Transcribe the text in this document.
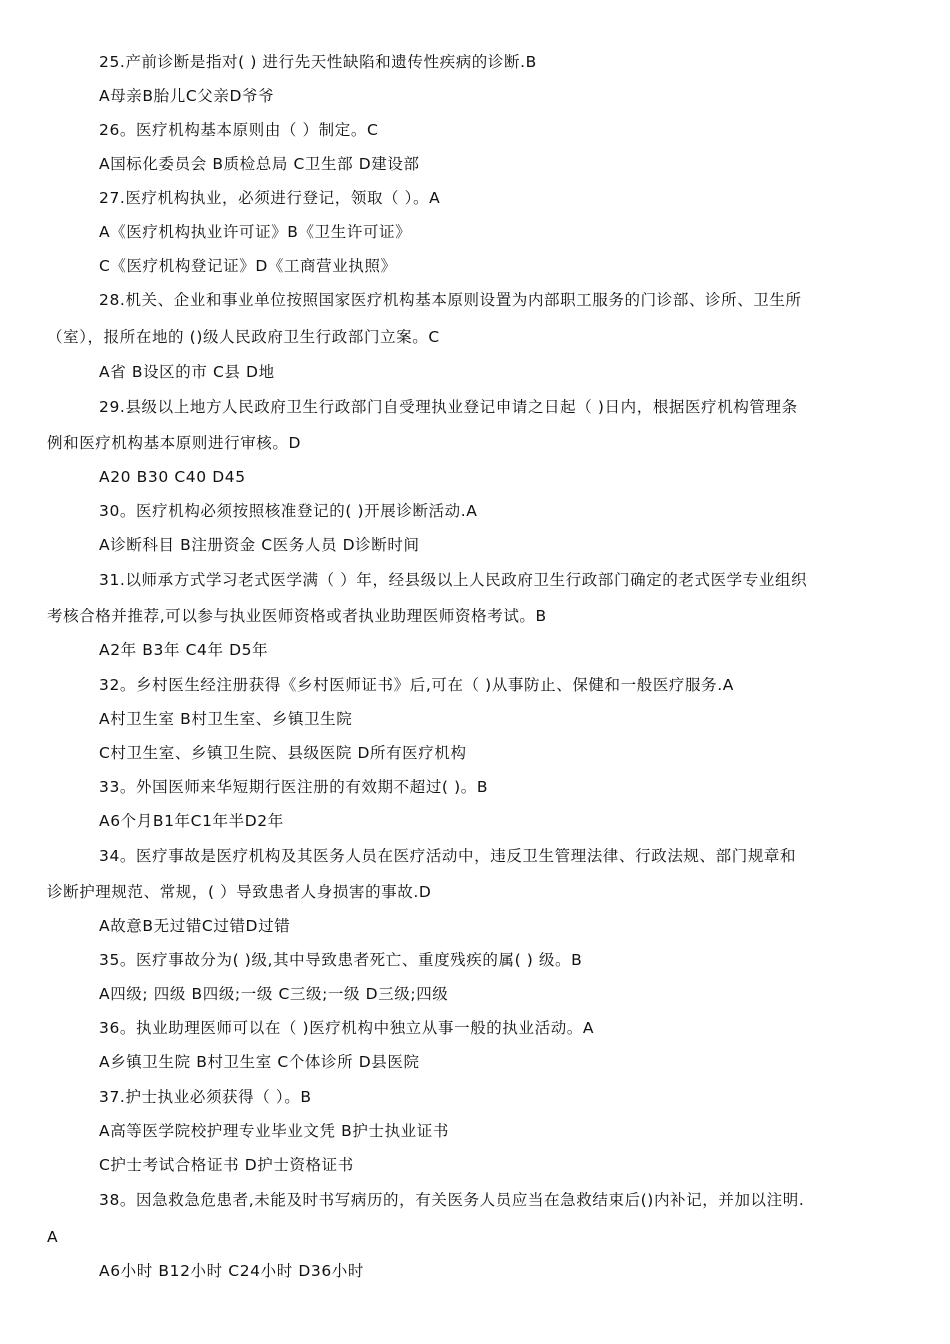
25.产前诊断是指对( ) 进行先天性缺陷和遗传性疾病的诊断.B
A母亲B胎儿C父亲D爷爷
26。医疗机构基本原则由（ ）制定。C
A国标化委员会 B质检总局 C卫生部 D建设部
27.医疗机构执业，必须进行登记，领取（ ）。A
A《医疗机构执业许可证》B《卫生许可证》
C《医疗机构登记证》D《工商营业执照》
28.机关、企业和事业单位按照国家医疗机构基本原则设置为内部职工服务的门诊部、诊所、卫生所
（室），报所在地的 ()级人民政府卫生行政部门立案。C
A省 B设区的市 C县 D地
29.县级以上地方人民政府卫生行政部门自受理执业登记申请之日起（ )日内，根据医疗机构管理条
例和医疗机构基本原则进行审核。D
A20 B30 C40 D45
30。医疗机构必须按照核准登记的( )开展诊断活动.A
A诊断科目 B注册资金 C医务人员 D诊断时间
31.以师承方式学习老式医学满（ ）年，经县级以上人民政府卫生行政部门确定的老式医学专业组织
考核合格并推荐,可以参与执业医师资格或者执业助理医师资格考试。B
A2年 B3年 C4年 D5年
32。乡村医生经注册获得《乡村医师证书》后,可在（ )从事防止、保健和一般医疗服务.A
A村卫生室 B村卫生室、乡镇卫生院
C村卫生室、乡镇卫生院、县级医院 D所有医疗机构
33。外国医师来华短期行医注册的有效期不超过( )。B
A6个月B1年C1年半D2年
34。医疗事故是医疗机构及其医务人员在医疗活动中，违反卫生管理法律、行政法规、部门规章和
诊断护理规范、常规，( ）导致患者人身损害的事故.D
A故意B无过错C过错D过错
35。医疗事故分为( )级,其中导致患者死亡、重度残疾的属( ) 级。B
A四级; 四级 B四级;一级 C三级;一级 D三级;四级
36。执业助理医师可以在（ )医疗机构中独立从事一般的执业活动。A
A乡镇卫生院 B村卫生室 C个体诊所 D县医院
37.护士执业必须获得（ ）。B
A高等医学院校护理专业毕业文凭 B护士执业证书
C护士考试合格证书 D护士资格证书
38。因急救急危患者,未能及时书写病历的，有关医务人员应当在急救结束后()内补记，并加以注明.
A
A6小时 B12小时 C24小时 D36小时
